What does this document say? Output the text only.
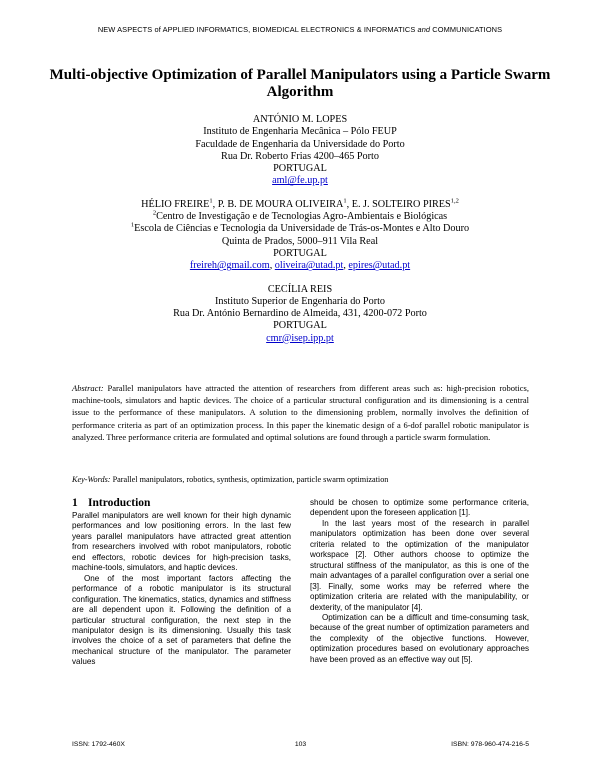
NEW ASPECTS of APPLIED INFORMATICS, BIOMEDICAL ELECTRONICS & INFORMATICS and COMMUNICATIONS
Multi-objective Optimization of Parallel Manipulators using a Particle Swarm Algorithm
ANTÓNIO M. LOPES
Instituto de Engenharia Mecânica – Pólo FEUP
Faculdade de Engenharia da Universidade do Porto
Rua Dr. Roberto Frias 4200–465 Porto
PORTUGAL
aml@fe.up.pt
HÉLIO FREIRE$^1$, P. B. DE MOURA OLIVEIRA$^1$, E. J. SOLTEIRO PIRES$^{1,2}$
$^2$Centro de Investigação e de Tecnologias Agro-Ambientais e Biológicas
$^1$Escola de Ciências e Tecnologia da Universidade de Trás-os-Montes e Alto Douro
Quinta de Prados, 5000–911 Vila Real
PORTUGAL
freireh@gmail.com, oliveira@utad.pt, epires@utad.pt
CECÍLIA REIS
Instituto Superior de Engenharia do Porto
Rua Dr. António Bernardino de Almeida, 431, 4200-072 Porto
PORTUGAL
cmr@isep.ipp.pt
Abstract: Parallel manipulators have attracted the attention of researchers from different areas such as: high-precision robotics, machine-tools, simulators and haptic devices. The choice of a particular structural configuration and its dimensioning is a central issue to the performance of these manipulators. A solution to the dimensioning problem, normally involves the definition of performance criteria as part of an optimization process. In this paper the kinematic design of a 6-dof parallel robotic manipulator is analyzed. Three performance criteria are formulated and optimal solutions are found through a particle swarm formulation.
Key-Words: Parallel manipulators, robotics, synthesis, optimization, particle swarm optimization
1 Introduction

Parallel manipulators are well known for their high dynamic performances and low positioning errors. In the last few years parallel manipulators have attracted great attention from researchers involved with robot manipulators, robotic end effectors, robotic devices for high-precision tasks, machine-tools, simulators, and haptic devices.

One of the most important factors affecting the performance of a robotic manipulator is its structural configuration. The kinematics, statics, dynamics and stiffness are all dependent upon it. Following the definition of a particular structural configuration, the next step in the manipulator design is its dimensioning. Usually this task involves the choice of a set of parameters that define the mechanical structure of the manipulator. The parameter values

should be chosen to optimize some performance criteria, dependent upon the foreseen application [1].

In the last years most of the research in parallel manipulators optimization has been done over several criteria related to the optimization of the manipulator workspace [2]. Other authors choose to optimize the structural stiffness of the manipulator, as this is one of the main advantages of a parallel configuration over a serial one [3]. Finally, some works may be referred where the optimization criteria are related with the manipulability, or dexterity, of the manipulator [4].

Optimization can be a difficult and time-consuming task, because of the great number of optimization parameters and the complexity of the objective functions. However, optimization procedures based on evolutionary approaches have been proved as an effective way out [5].

ISSN: 1792-460X	103	ISBN: 978-960-474-216-5
